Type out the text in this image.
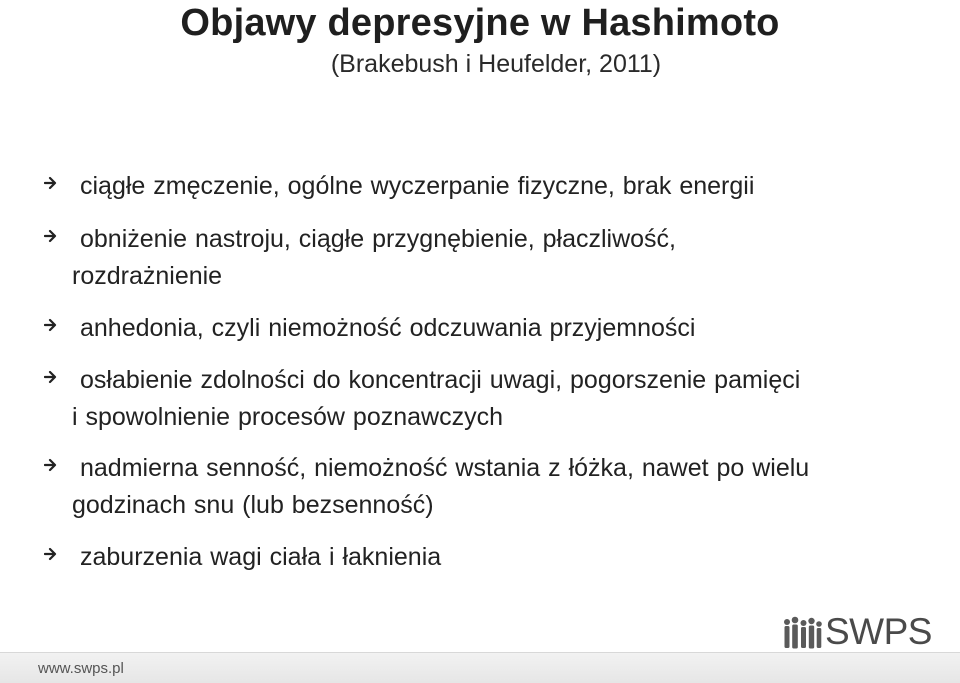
Objawy depresyjne w Hashimoto
(Brakebush i Heufelder, 2011)
ciągłe zmęczenie, ogólne wyczerpanie fizyczne, brak energii
obniżenie nastroju, ciągłe przygnębienie, płaczliwość,
rozdrażnienie
anhedonia, czyli niemożność odczuwania przyjemności
osłabienie zdolności do koncentracji uwagi, pogorszenie pamięci
i spowolnienie procesów poznawczych
nadmierna senność, niemożność wstania z łóżka, nawet po wielu
godzinach snu (lub bezsenność)
zaburzenia wagi ciała i łaknienia
SWPS
www.swps.pl
